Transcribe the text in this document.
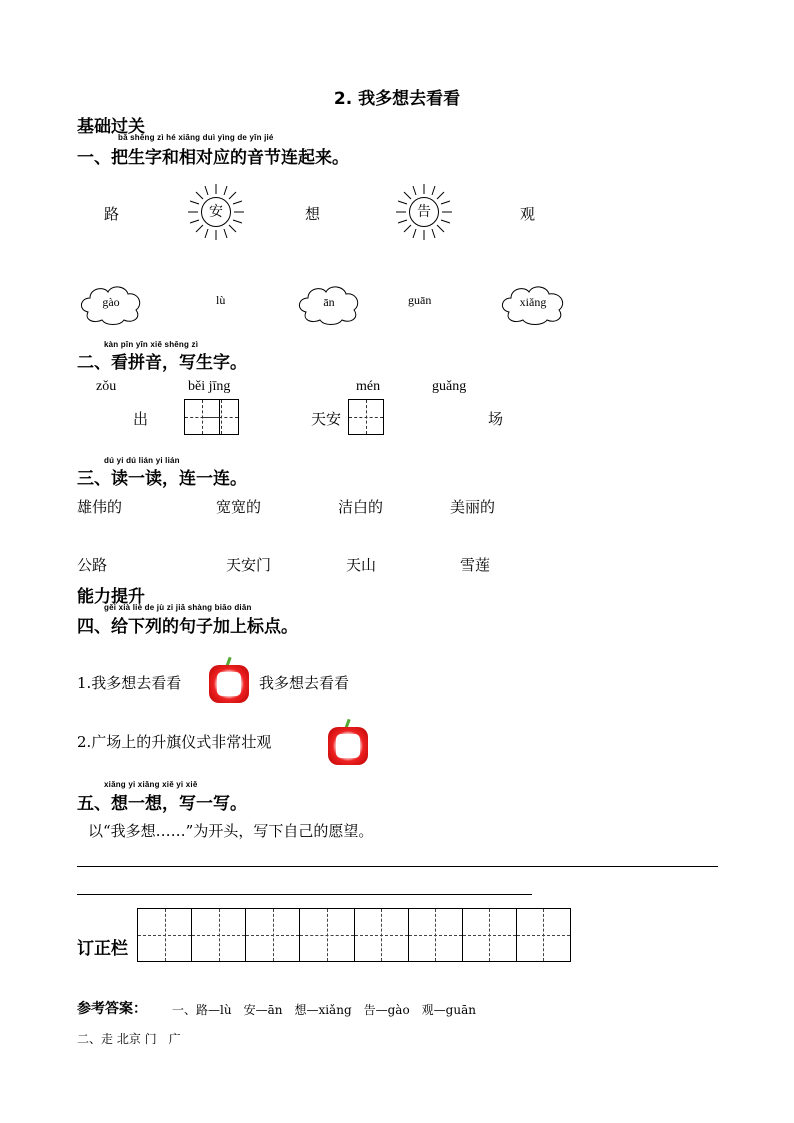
2. 我多想去看看
基础过关
bǎ shēng zì hé xiāng duì yìng de yīn jié
一、把生字和相对应的音节连起来。
路	安	想	告	观
gào	lù	ān	guān	xiǎng
kàn pīn yīn xiě shēng zì
二、看拼音，写生字。
zǒu	běi jīng	mén	guǎng
出	天安	场
dú yi dú lián yi lián
三、读一读，连一连。
雄伟的	宽宽的	洁白的	美丽的
公路	天安门	天山	雪莲
能力提升
gěi xià liè de jù zi jiā shàng biāo diǎn
四、给下列的句子加上标点。
1.我多想去看看	我多想去看看
2.广场上的升旗仪式非常壮观
xiǎng yi xiǎng xiě yi xiě
五、想一想，写一写。
以“我多想……”为开头，写下自己的愿望。
订正栏
参考答案： 一、路—lù　安—ān　想—xiǎng　告—gào　观—guān
二、走 北京 门　广
